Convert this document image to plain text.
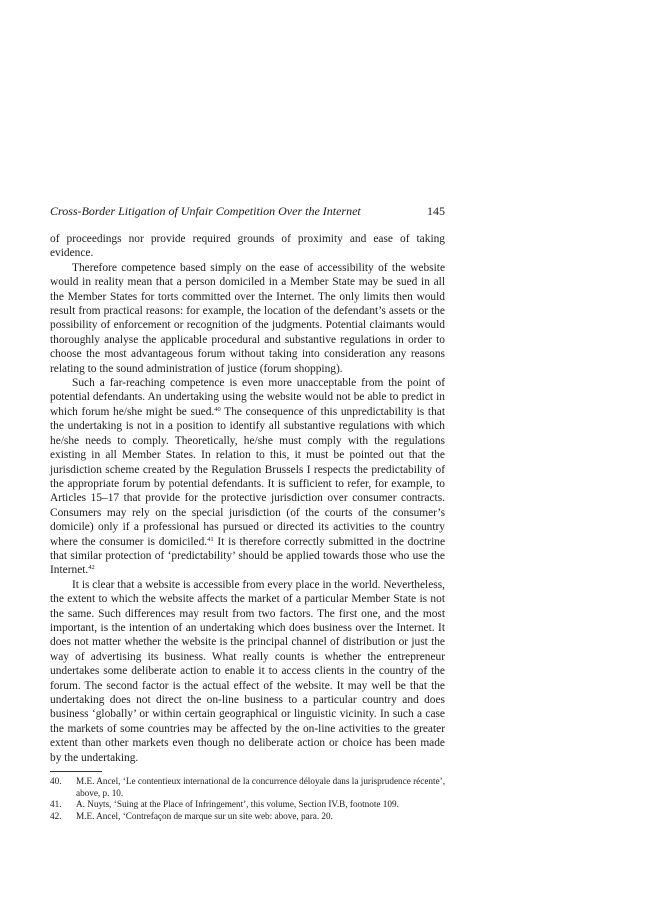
Cross-Border Litigation of Unfair Competition Over the Internet	145

of proceedings nor provide required grounds of proximity and ease of taking evidence.

Therefore competence based simply on the ease of accessibility of the website would in reality mean that a person domiciled in a Member State may be sued in all the Member States for torts committed over the Internet. The only limits then would result from practical reasons: for example, the location of the defendant’s assets or the possibility of enforcement or recognition of the judgments. Potential claimants would thoroughly analyse the applicable procedural and substantive regulations in order to choose the most advantageous forum without taking into consideration any reasons relating to the sound administration of justice (forum shopping).

Such a far-reaching competence is even more unacceptable from the point of potential defendants. An undertaking using the website would not be able to predict in which forum he/she might be sued.$^{40}$ The consequence of this unpredictability is that the undertaking is not in a position to identify all substantive regulations with which he/she needs to comply. Theoretically, he/she must comply with the regulations existing in all Member States. In relation to this, it must be pointed out that the jurisdiction scheme created by the Regulation Brussels I respects the predictability of the appropriate forum by potential defendants. It is sufficient to refer, for example, to Articles 15–17 that provide for the protective jurisdiction over consumer contracts. Consumers may rely on the special jurisdiction (of the courts of the consumer’s domicile) only if a professional has pursued or directed its activities to the country where the consumer is domiciled.$^{41}$ It is therefore correctly submitted in the doctrine that similar protection of ‘predictability’ should be applied towards those who use the Internet.$^{42}$

It is clear that a website is accessible from every place in the world. Nevertheless, the extent to which the website affects the market of a particular Member State is not the same. Such differences may result from two factors. The first one, and the most important, is the intention of an undertaking which does business over the Internet. It does not matter whether the website is the principal channel of distribution or just the way of advertising its business. What really counts is whether the entrepreneur undertakes some deliberate action to enable it to access clients in the country of the forum. The second factor is the actual effect of the website. It may well be that the undertaking does not direct the on-line business to a particular country and does business ‘globally’ or within certain geographical or linguistic vicinity. In such a case the markets of some countries may be affected by the on-line activities to the greater extent than other markets even though no deliberate action or choice has been made by the undertaking.

40.	M.E. Ancel, ‘Le contentieux international de la concurrence déloyale dans la jurisprudence récente’, above, p. 10.
41.	A. Nuyts, ‘Suing at the Place of Infringement’, this volume, Section IV.B, footnote 109.
42.	M.E. Ancel, ‘Contrefaçon de marque sur un site web: above, para. 20.
